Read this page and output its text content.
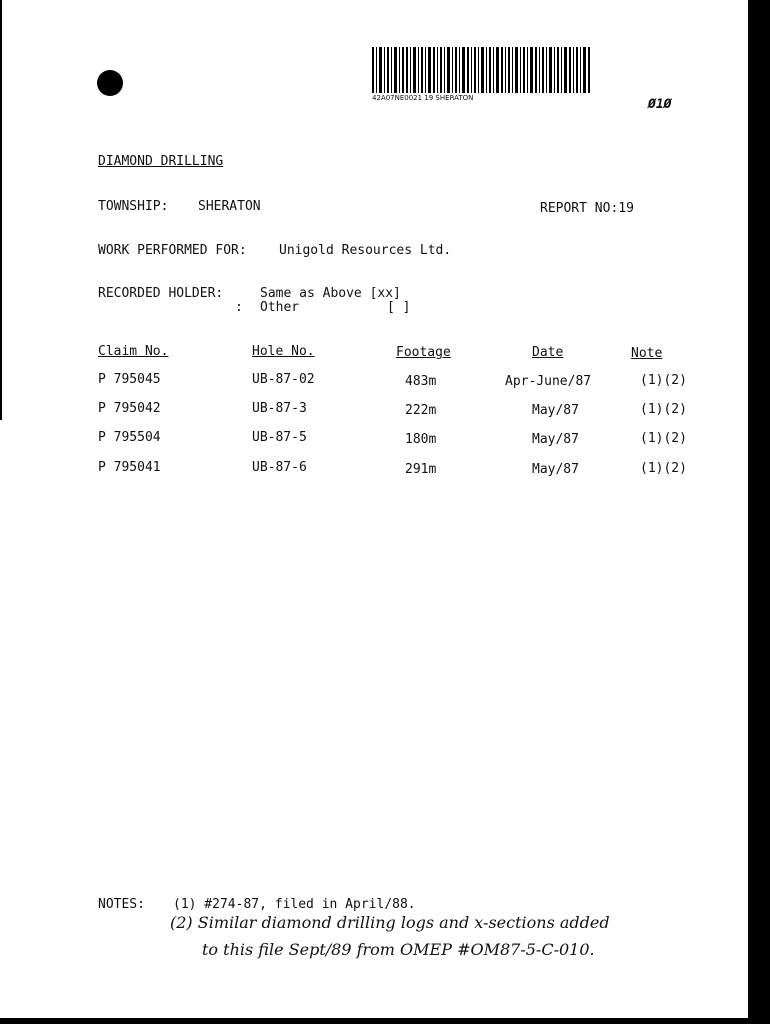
42A07NE0021 19 SHERATON	Ø1Ø
DIAMOND DRILLING
TOWNSHIP: SHERATON	REPORT NO:19
WORK PERFORMED FOR: Unigold Resources Ltd.
RECORDED HOLDER:	Same as Above [xx]
: Other	[ ]
Claim No.	Hole No.	Footage	Date	Note
P 795045	UB-87-02	483m	Apr-June/87	(1)(2)
P 795042	UB-87-3	222m	May/87	(1)(2)
P 795504	UB-87-5	180m	May/87	(1)(2)
P 795041	UB-87-6	291m	May/87	(1)(2)
NOTES: (1) #274-87, filed in April/88.
(2) Similar diamond drilling logs and x-sections added
to this file Sept/89 from OMEP #OM87-5-C-010.
